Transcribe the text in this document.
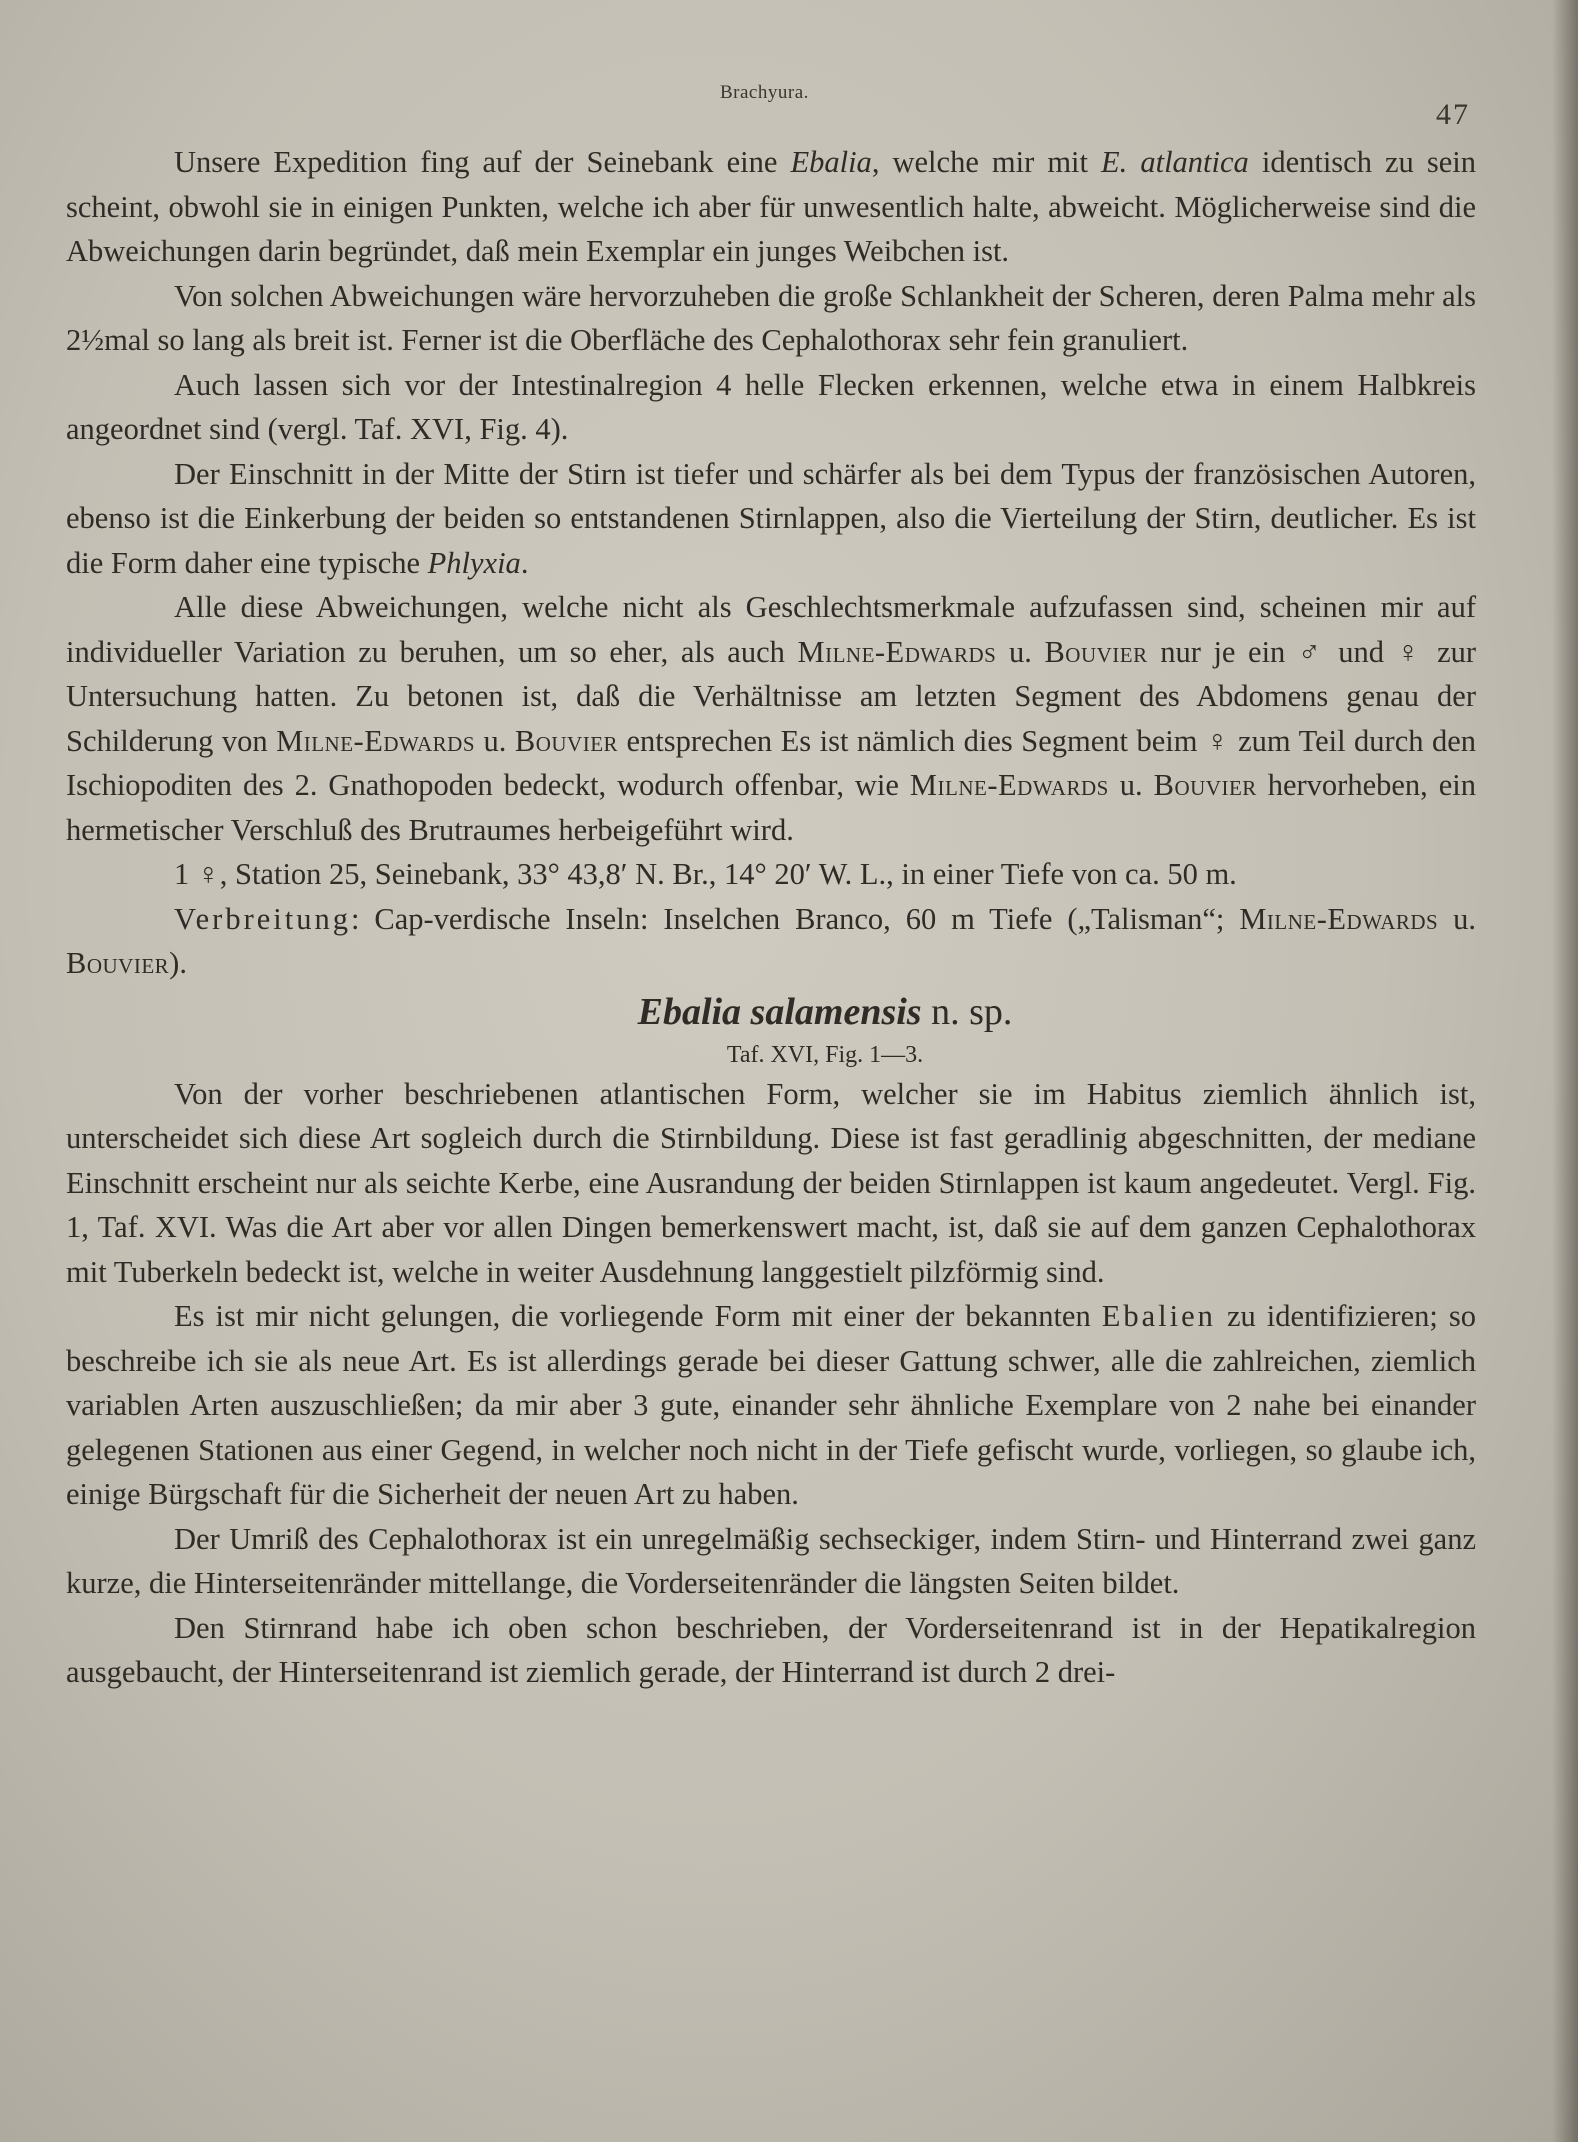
Brachyura.
47

Unsere Expedition fing auf der Seinebank eine Ebalia, welche mir mit E. atlantica identisch zu sein scheint, obwohl sie in einigen Punkten, welche ich aber für unwesentlich halte, abweicht. Möglicherweise sind die Abweichungen darin begründet, daß mein Exemplar ein junges Weibchen ist.

Von solchen Abweichungen wäre hervorzuheben die große Schlankheit der Scheren, deren Palma mehr als 2½mal so lang als breit ist. Ferner ist die Oberfläche des Cephalothorax sehr fein granuliert.

Auch lassen sich vor der Intestinalregion 4 helle Flecken erkennen, welche etwa in einem Halbkreis angeordnet sind (vergl. Taf. XVI, Fig. 4).

Der Einschnitt in der Mitte der Stirn ist tiefer und schärfer als bei dem Typus der französischen Autoren, ebenso ist die Einkerbung der beiden so entstandenen Stirnlappen, also die Vierteilung der Stirn, deutlicher. Es ist die Form daher eine typische Phlyxia.

Alle diese Abweichungen, welche nicht als Geschlechtsmerkmale aufzufassen sind, scheinen mir auf individueller Variation zu beruhen, um so eher, als auch Milne-Edwards u. Bouvier nur je ein ♂ und ♀ zur Untersuchung hatten. Zu betonen ist, daß die Verhältnisse am letzten Segment des Abdomens genau der Schilderung von Milne-Edwards u. Bouvier entsprechen Es ist nämlich dies Segment beim ♀ zum Teil durch den Ischiopoditen des 2. Gnathopoden bedeckt, wodurch offenbar, wie Milne-Edwards u. Bouvier hervorheben, ein hermetischer Verschluß des Brutraumes herbeigeführt wird.

1 ♀, Station 25, Seinebank, 33° 43,8′ N. Br., 14° 20′ W. L., in einer Tiefe von ca. 50 m.

Verbreitung: Cap-verdische Inseln: Inselchen Branco, 60 m Tiefe („Talisman“; Milne-Edwards u. Bouvier).

Ebalia salamensis n. sp.

Taf. XVI, Fig. 1—3.

Von der vorher beschriebenen atlantischen Form, welcher sie im Habitus ziemlich ähnlich ist, unterscheidet sich diese Art sogleich durch die Stirnbildung. Diese ist fast geradlinig abgeschnitten, der mediane Einschnitt erscheint nur als seichte Kerbe, eine Ausrandung der beiden Stirnlappen ist kaum angedeutet. Vergl. Fig. 1, Taf. XVI. Was die Art aber vor allen Dingen bemerkenswert macht, ist, daß sie auf dem ganzen Cephalothorax mit Tuberkeln bedeckt ist, welche in weiter Ausdehnung langgestielt pilzförmig sind.

Es ist mir nicht gelungen, die vorliegende Form mit einer der bekannten Ebalien zu identifizieren; so beschreibe ich sie als neue Art. Es ist allerdings gerade bei dieser Gattung schwer, alle die zahlreichen, ziemlich variablen Arten auszuschließen; da mir aber 3 gute, einander sehr ähnliche Exemplare von 2 nahe bei einander gelegenen Stationen aus einer Gegend, in welcher noch nicht in der Tiefe gefischt wurde, vorliegen, so glaube ich, einige Bürgschaft für die Sicherheit der neuen Art zu haben.

Der Umriß des Cephalothorax ist ein unregelmäßig sechseckiger, indem Stirn- und Hinterrand zwei ganz kurze, die Hinterseitenränder mittellange, die Vorderseitenränder die längsten Seiten bildet.

Den Stirnrand habe ich oben schon beschrieben, der Vorderseitenrand ist in der Hepatikalregion ausgebaucht, der Hinterseitenrand ist ziemlich gerade, der Hinterrand ist durch 2 drei-
